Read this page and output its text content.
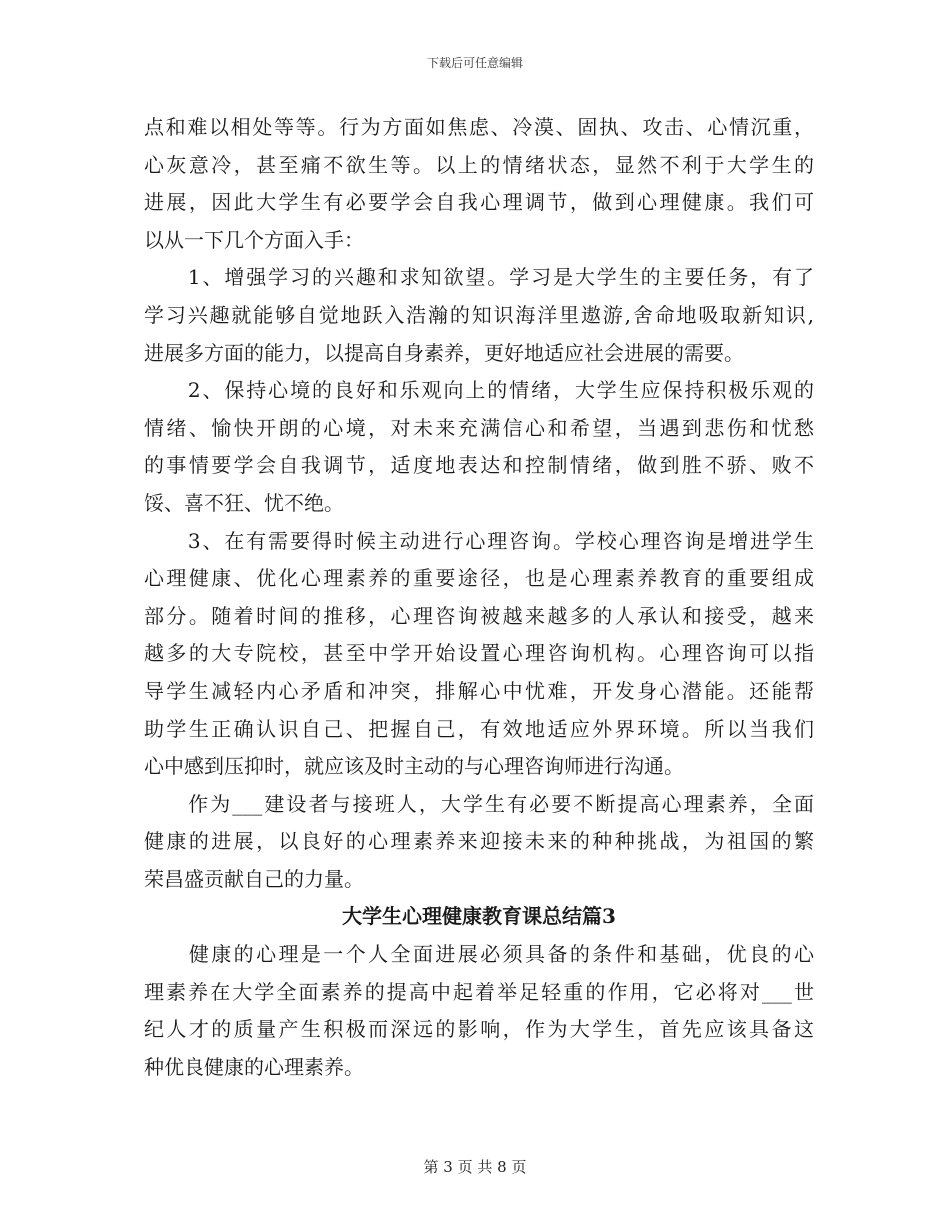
下载后可任意编辑
点和难以相处等等。行为方面如焦虑、冷漠、固执、攻击、心情沉重，
心灰意冷，甚至痛不欲生等。以上的情绪状态，显然不利于大学生的
进展，因此大学生有必要学会自我心理调节，做到心理健康。我们可
以从一下几个方面入手：
　　1、增强学习的兴趣和求知欲望。学习是大学生的主要任务，有了
学习兴趣就能够自觉地跃入浩瀚的知识海洋里遨游,舍命地吸取新知识,
进展多方面的能力，以提高自身素养，更好地适应社会进展的需要。
　　2、保持心境的良好和乐观向上的情绪，大学生应保持积极乐观的
情绪、愉快开朗的心境，对未来充满信心和希望，当遇到悲伤和忧愁
的事情要学会自我调节，适度地表达和控制情绪，做到胜不骄、败不
馁、喜不狂、忧不绝。
　　3、在有需要得时候主动进行心理咨询。学校心理咨询是增进学生
心理健康、优化心理素养的重要途径，也是心理素养教育的重要组成
部分。随着时间的推移，心理咨询被越来越多的人承认和接受，越来
越多的大专院校，甚至中学开始设置心理咨询机构。心理咨询可以指
导学生减轻内心矛盾和冲突，排解心中忧难，开发身心潜能。还能帮
助学生正确认识自己、把握自己，有效地适应外界环境。所以当我们
心中感到压抑时，就应该及时主动的与心理咨询师进行沟通。
　　作为___建设者与接班人，大学生有必要不断提高心理素养，全面
健康的进展，以良好的心理素养来迎接未来的种种挑战，为祖国的繁
荣昌盛贡献自己的力量。
大学生心理健康教育课总结篇3
　　健康的心理是一个人全面进展必须具备的条件和基础，优良的心
理素养在大学全面素养的提高中起着举足轻重的作用，它必将对___世
纪人才的质量产生积极而深远的影响，作为大学生，首先应该具备这
种优良健康的心理素养。
第 3 页 共 8 页
